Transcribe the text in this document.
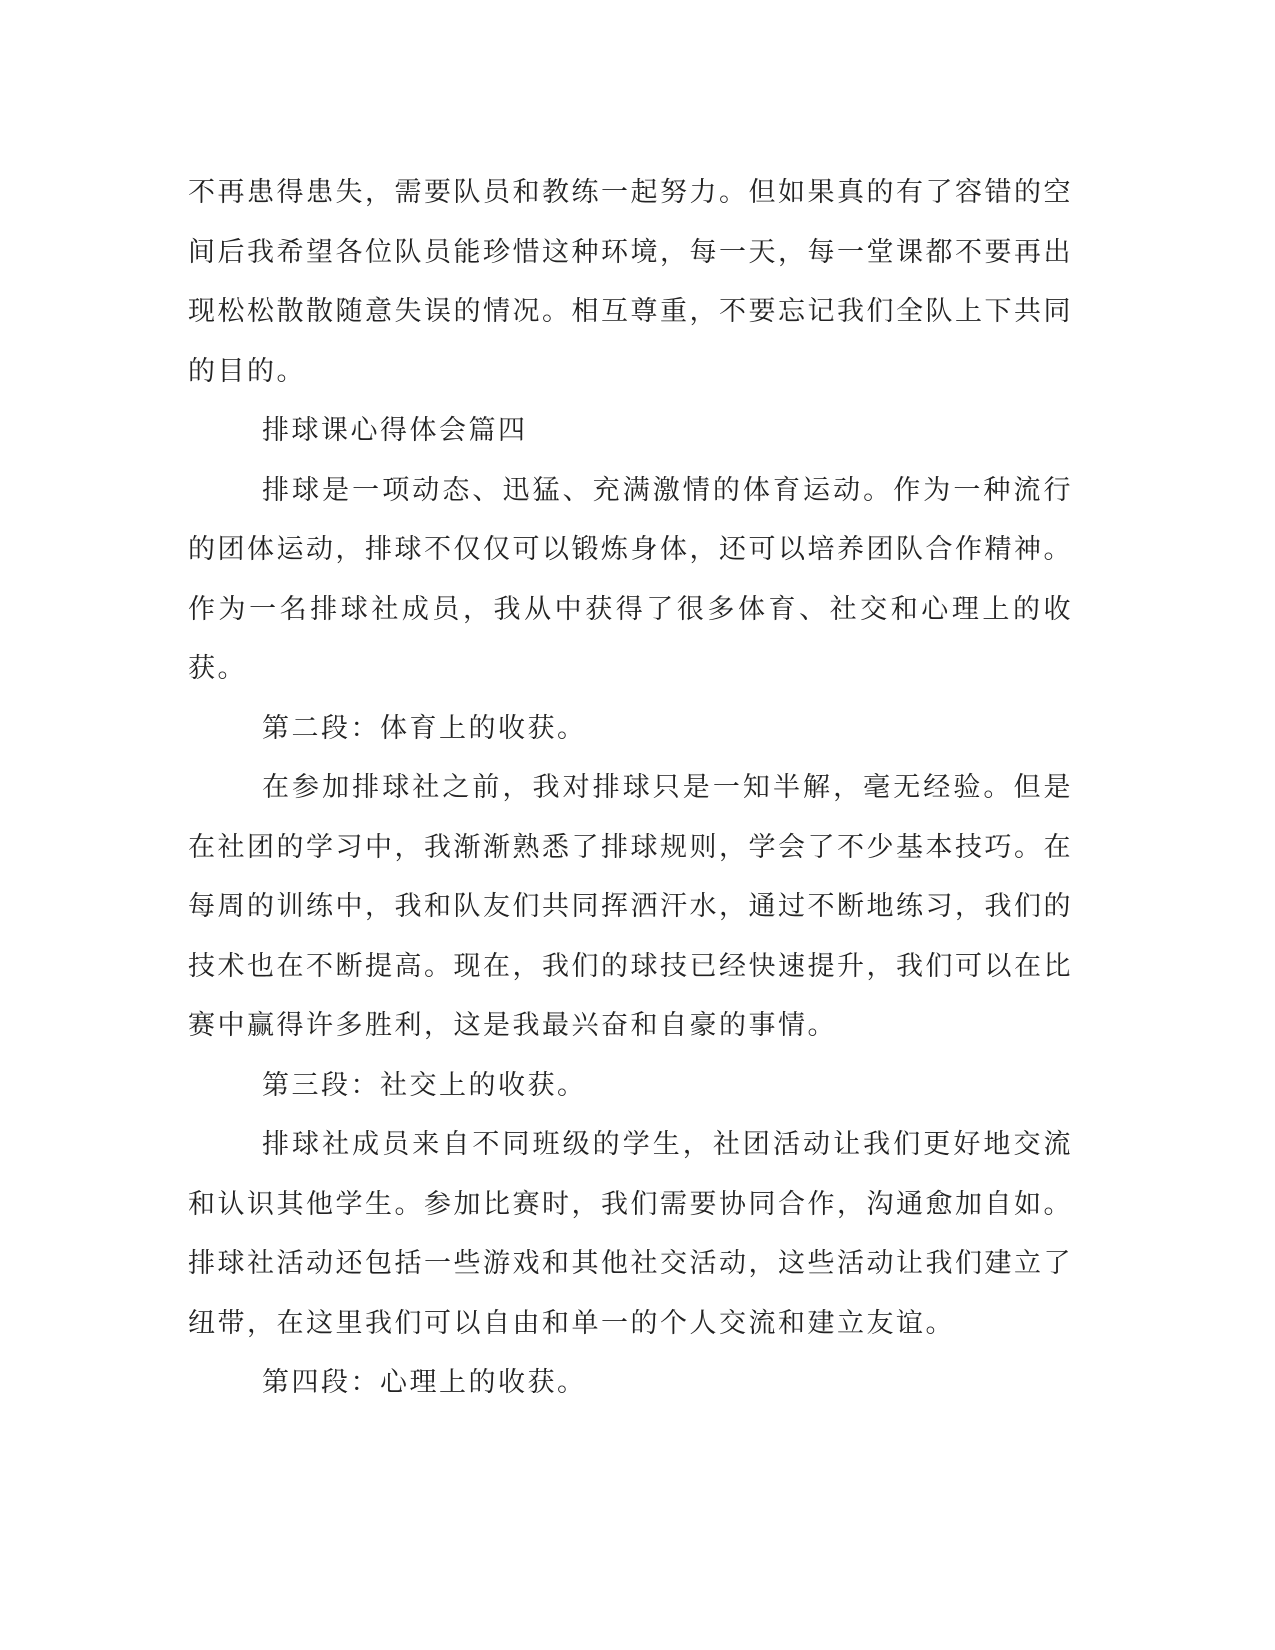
不再患得患失，需要队员和教练一起努力。但如果真的有了容错的空间后我希望各位队员能珍惜这种环境，每一天，每一堂课都不要再出现松松散散随意失误的情况。相互尊重，不要忘记我们全队上下共同的目的。

排球课心得体会篇四

排球是一项动态、迅猛、充满激情的体育运动。作为一种流行的团体运动，排球不仅仅可以锻炼身体，还可以培养团队合作精神。作为一名排球社成员，我从中获得了很多体育、社交和心理上的收获。

第二段：体育上的收获。

在参加排球社之前，我对排球只是一知半解，毫无经验。但是在社团的学习中，我渐渐熟悉了排球规则，学会了不少基本技巧。在每周的训练中，我和队友们共同挥洒汗水，通过不断地练习，我们的技术也在不断提高。现在，我们的球技已经快速提升，我们可以在比赛中赢得许多胜利，这是我最兴奋和自豪的事情。

第三段：社交上的收获。

排球社成员来自不同班级的学生，社团活动让我们更好地交流和认识其他学生。参加比赛时，我们需要协同合作，沟通愈加自如。排球社活动还包括一些游戏和其他社交活动，这些活动让我们建立了纽带，在这里我们可以自由和单一的个人交流和建立友谊。

第四段：心理上的收获。
